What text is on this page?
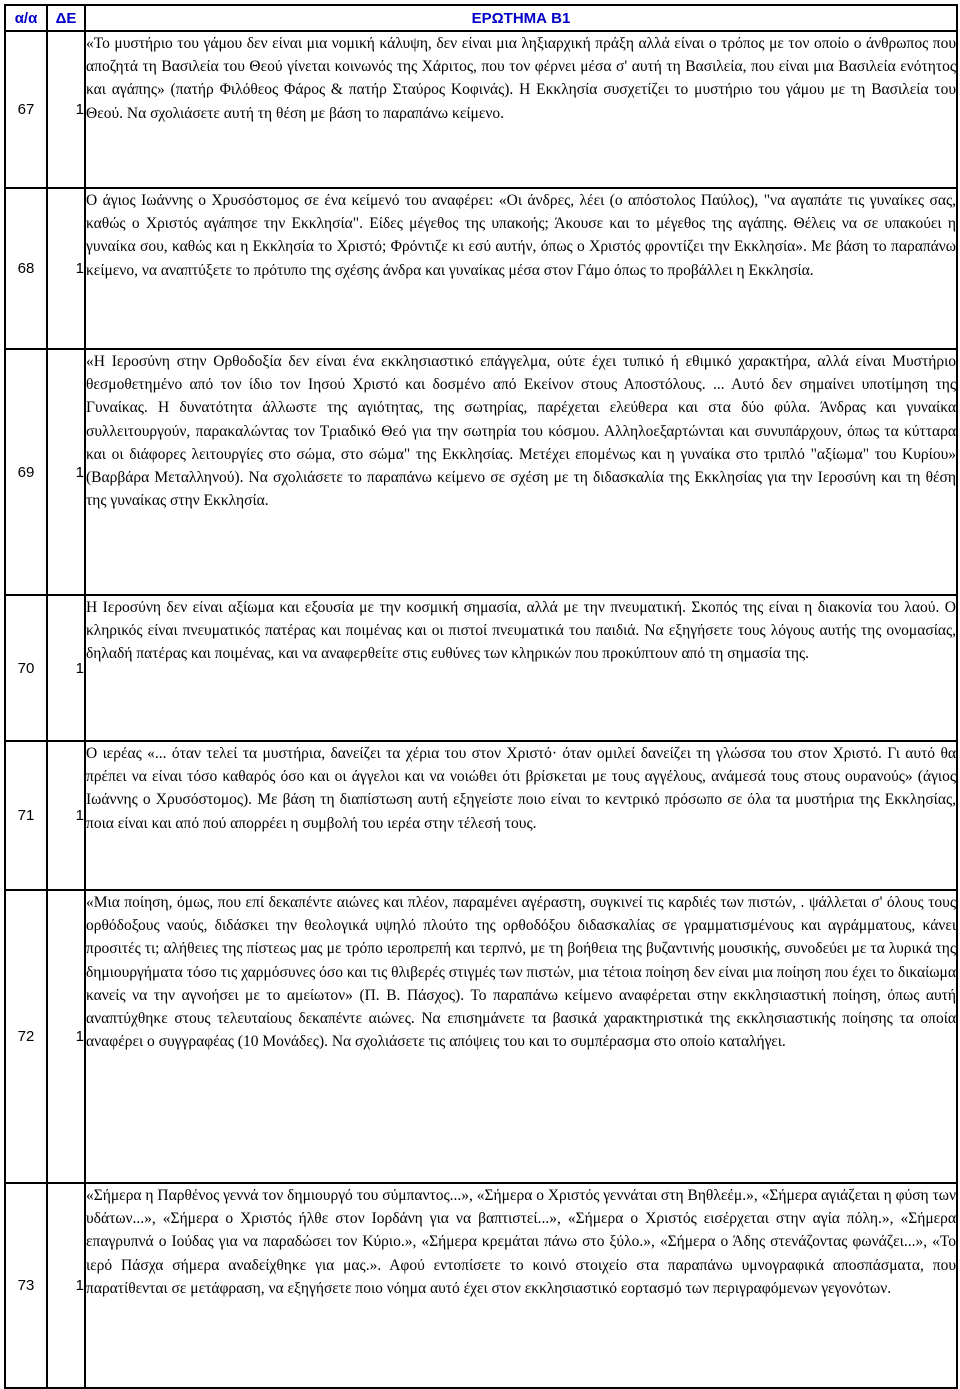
α/α	ΔΕ	ΕΡΩΤΗΜΑ Β1
67	1	«Το μυστήριο του γάμου δεν είναι μια νομική κάλυψη, δεν είναι μια ληξιαρχική πράξη αλλά είναι ο τρόπος με τον οποίο ο άνθρωπος που αποζητά τη Βασιλεία του Θεού γίνεται κοινωνός της Χάριτος, που τον φέρνει μέσα σ' αυτή τη Βασιλεία, που είναι μια Βασιλεία ενότητος και αγάπης» (πατήρ Φιλόθεος Φάρος & πατήρ Σταύρος Κοφινάς). Η Εκκλησία συσχετίζει το μυστήριο του γάμου με τη Βασιλεία του Θεού. Να σχολιάσετε αυτή τη θέση με βάση το παραπάνω κείμενο.
68	1	Ο άγιος Ιωάννης ο Χρυσόστομος σε ένα κείμενό του αναφέρει: «Οι άνδρες, λέει (ο απόστολος Παύλος), "να αγαπάτε τις γυναίκες σας, καθώς ο Χριστός αγάπησε την Εκκλησία". Είδες μέγεθος της υπακοής; Άκουσε και το μέγεθος της αγάπης. Θέλεις να σε υπακούει η γυναίκα σου, καθώς και η Εκκλησία το Χριστό; Φρόντιζε κι εσύ αυτήν, όπως ο Χριστός φροντίζει την Εκκλησία». Με βάση το παραπάνω κείμενο, να αναπτύξετε το πρότυπο της σχέσης άνδρα και γυναίκας μέσα στον Γάμο όπως το προβάλλει η Εκκλησία.
69	1	«Η Ιεροσύνη στην Ορθοδοξία δεν είναι ένα εκκλησιαστικό επάγγελμα, ούτε έχει τυπικό ή εθιμικό χαρακτήρα, αλλά είναι Μυστήριο θεσμοθετημένο από τον ίδιο τον Ιησού Χριστό και δοσμένο από Εκείνον στους Αποστόλους. ... Αυτό δεν σημαίνει υποτίμηση της Γυναίκας. Η δυνατότητα άλλωστε της αγιότητας, της σωτηρίας, παρέχεται ελεύθερα και στα δύο φύλα. Άνδρας και γυναίκα συλλειτουργούν, παρακαλώντας τον Τριαδικό Θεό για την σωτηρία του κόσμου. Αλληλοεξαρτώνται και συνυπάρχουν, όπως τα κύτταρα και οι διάφορες λειτουργίες στο σώμα, στο σώμα" της Εκκλησίας. Μετέχει επομένως και η γυναίκα στο τριπλό "αξίωμα" του Κυρίου» (Βαρβάρα Μεταλληνού). Να σχολιάσετε το παραπάνω κείμενο σε σχέση με τη διδασκαλία της Εκκλησίας για την Ιεροσύνη και τη θέση της γυναίκας στην Εκκλησία.
70	1	Η Ιεροσύνη δεν είναι αξίωμα και εξουσία με την κοσμική σημασία, αλλά με την πνευματική. Σκοπός της είναι η διακονία του λαού. Ο κληρικός είναι πνευματικός πατέρας και ποιμένας και οι πιστοί πνευματικά του παιδιά. Να εξηγήσετε τους λόγους αυτής της ονομασίας, δηλαδή πατέρας και ποιμένας, και να αναφερθείτε στις ευθύνες των κληρικών που προκύπτουν από τη σημασία της.
71	1	Ο ιερέας «... όταν τελεί τα μυστήρια, δανείζει τα χέρια του στον Χριστό· όταν ομιλεί δανείζει τη γλώσσα του στον Χριστό. Γι αυτό θα πρέπει να είναι τόσο καθαρός όσο και οι άγγελοι και να νοιώθει ότι βρίσκεται με τους αγγέλους, ανάμεσά τους στους ουρανούς» (άγιος Ιωάννης ο Χρυσόστομος). Με βάση τη διαπίστωση αυτή εξηγείστε ποιο είναι το κεντρικό πρόσωπο σε όλα τα μυστήρια της Εκκλησίας, ποια είναι και από πού απορρέει η συμβολή του ιερέα στην τέλεσή τους.
72	1	«Μια ποίηση, όμως, που επί δεκαπέντε αιώνες και πλέον, παραμένει αγέραστη, συγκινεί τις καρδιές των πιστών, . ψάλλεται σ' όλους τους ορθόδοξους ναούς, διδάσκει την θεολογικά υψηλό πλούτο της ορθοδόξου διδασκαλίας σε γραμματισμένους και αγράμματους, κάνει προσιτές τι; αλήθειες της πίστεως μας με τρόπο ιεροπρεπή και τερπνό, με τη βοήθεια της βυζαντινής μουσικής, συνοδεύει με τα λυρικά της δημιουργήματα τόσο τις χαρμόσυνες όσο και τις θλιβερές στιγμές των πιστών, μια τέτοια ποίηση δεν είναι μια ποίηση που έχει το δικαίωμα κανείς να την αγνοήσει με το αμείωτον» (Π. Β. Πάσχος). Το παραπάνω κείμενο αναφέρεται στην εκκλησιαστική ποίηση, όπως αυτή αναπτύχθηκε στους τελευταίους δεκαπέντε αιώνες. Να επισημάνετε τα βασικά χαρακτηριστικά της εκκλησιαστικής ποίησης τα οποία αναφέρει ο συγγραφέας (10 Μονάδες). Να σχολιάσετε τις απόψεις του και το συμπέρασμα στο οποίο καταλήγει.
73	1	«Σήμερα η Παρθένος γεννά τον δημιουργό του σύμπαντος...», «Σήμερα ο Χριστός γεννάται στη Βηθλεέμ.», «Σήμερα αγιάζεται η φύση των υδάτων...», «Σήμερα ο Χριστός ήλθε στον Ιορδάνη για να βαπτιστεί...», «Σήμερα ο Χριστός εισέρχεται στην αγία πόλη.», «Σήμερα επαγρυπνά ο Ιούδας για να παραδώσει τον Κύριο.», «Σήμερα κρεμάται πάνω στο ξύλο.», «Σήμερα ο Άδης στενάζοντας φωνάζει...», «Το ιερό Πάσχα σήμερα αναδείχθηκε για μας.». Αφού εντοπίσετε το κοινό στοιχείο στα παραπάνω υμνογραφικά αποσπάσματα, που παρατίθενται σε μετάφραση, να εξηγήσετε ποιο νόημα αυτό έχει στον εκκλησιαστικό εορτασμό των περιγραφόμενων γεγονότων.
